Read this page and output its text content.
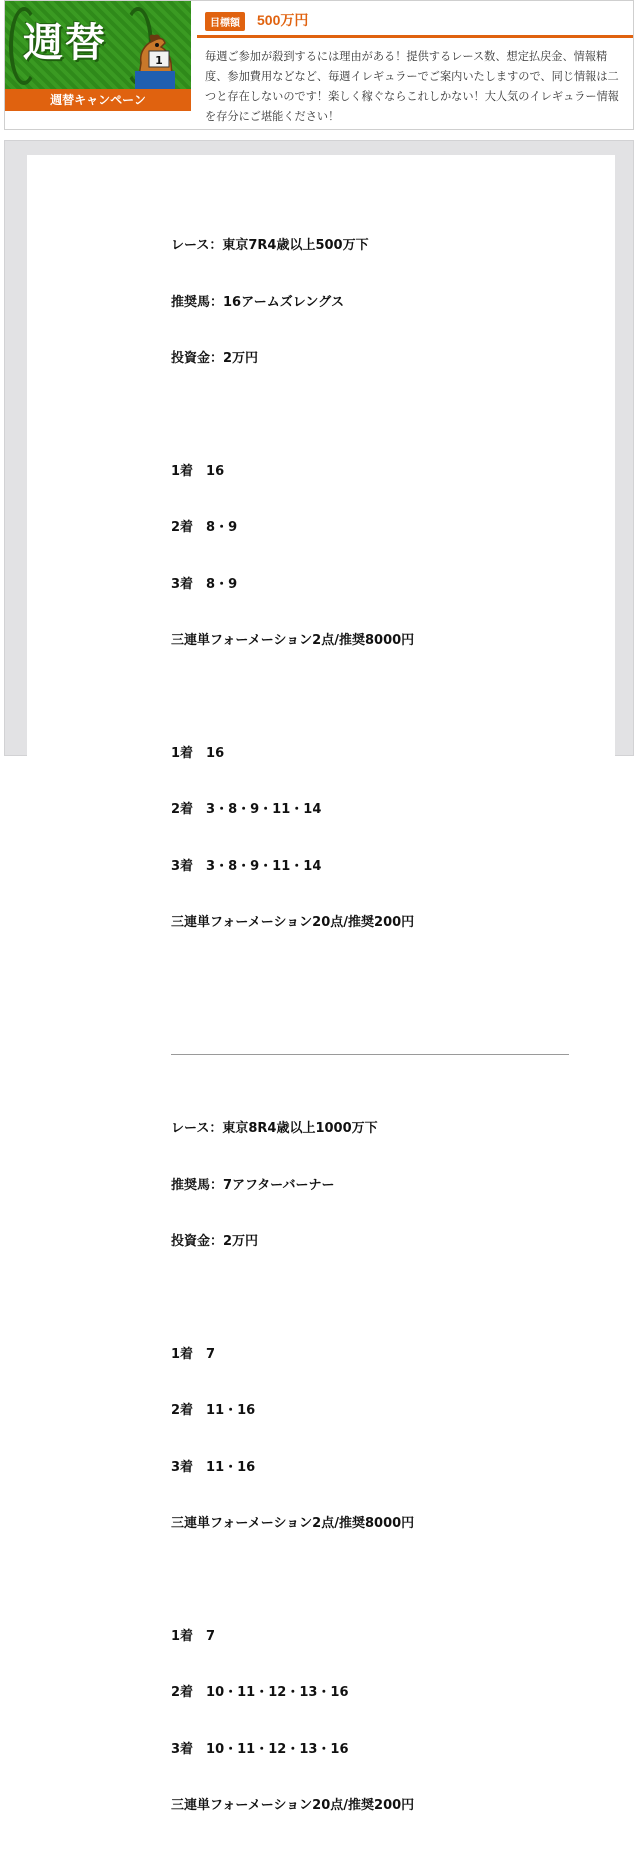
週替	1
週替キャンペーン
目標額	500万円
毎週ご参加が殺到するには理由がある！提供するレース数、想定払戻金、情報精度、参加費用などなど、毎週イレギュラーでご案内いたしますので、同じ情報は二つと存在しないのです！楽しく稼ぐならこれしかない！大人気のイレギュラー情報を存分にご堪能ください！

レース：東京7R4歳以上500万下

推奨馬：16アームズレングス

投資金：2万円

1着　16

2着　8・9

3着　8・9

三連単フォーメーション2点/推奨8000円

1着　16

2着　3・8・9・11・14

3着　3・8・9・11・14

三連単フォーメーション20点/推奨200円

レース：東京8R4歳以上1000万下

推奨馬：7アフターバーナー

投資金：2万円

1着　7

2着　11・16

3着　11・16

三連単フォーメーション2点/推奨8000円

1着　7

2着　10・11・12・13・16

3着　10・11・12・13・16

三連単フォーメーション20点/推奨200円
